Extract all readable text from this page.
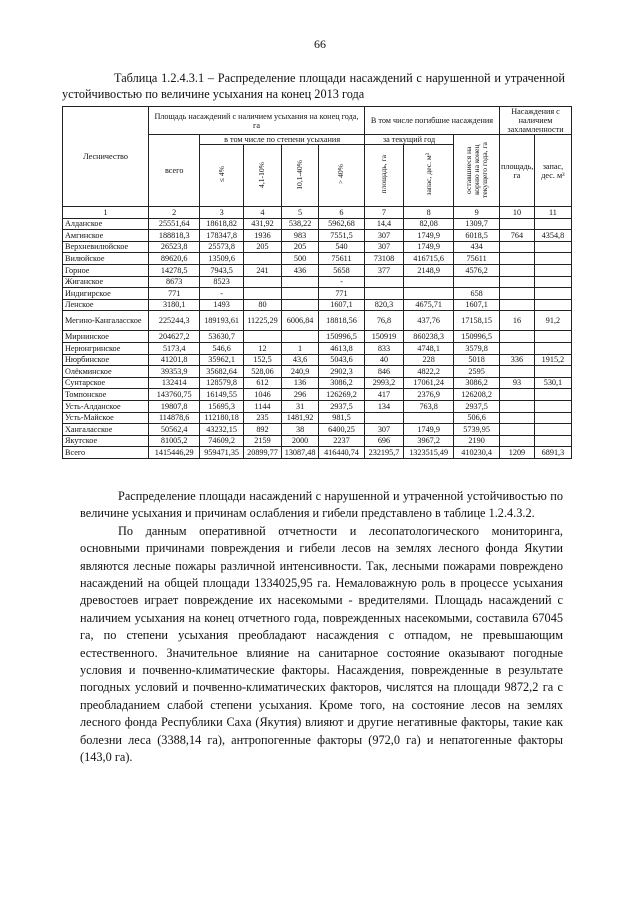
66
Таблица 1.2.4.3.1 – Распределение площади насаждений с нарушенной и утраченной устойчивостью по величине усыхания на конец 2013 года
Лесничество	Площадь насаждений с наличием усыхания на конец года, га					В том числе погибшие насаждения			Насаждения с наличием захламленности	
	всего	в том числе по степени усыхания				за текущий год		оставшиеся на корню на конец текущего года, га	площадь, га	запас, дес. м³
		≤ 4%	4,1-10%	10,1-40%	> 40%	площадь, га	запас, дес. м³			
1	2	3	4	5	6	7	8	9	10	11
Алданское	25551,64	18618,82	431,92	538,22	5962,68	14,4	82,08	1309,7		
Амгинское	188818,3	178347,8	1936	983	7551,5	307	1749,9	6018,5	764	4354,8
Верхневилюйское	26523,8	25573,8	205	205	540	307	1749,9	434		
Вилюйское	89620,6	13509,6		500	75611	73108	416715,6	75611		
Горное	14278,5	7943,5	241	436	5658	377	2148,9	4576,2		
Жиганское	8673	8523			-					
Индигирское	771	-			771			658		
Ленское	3180,1	1493	80		1607,1	820,3	4675,71	1607,1		
Мегино-Кангаласское	225244,3	189193,61	11225,29	6006,84	18818,56	76,8	437,76	17158,15	16	91,2
Мирнинское	204627,2	53630,7			150996,5	150919	860238,3	150996,5		
Нерюнгринское	5173,4	546,6	12	1	4613,8	833	4748,1	3579,8		
Нюрбинское	41201,8	35962,1	152,5	43,6	5043,6	40	228	5018	336	1915,2
Олёкминское	39353,9	35682,64	528,06	240,9	2902,3	846	4822,2	2595		
Сунтарское	132414	128579,8	612	136	3086,2	2993,2	17061,24	3086,2	93	530,1
Томпонское	143760,75	16149,55	1046	296	126269,2	417	2376,9	126208,2		
Усть-Алданское	19807,8	15695,3	1144	31	2937,5	134	763,8	2937,5		
Усть-Майское	114878,6	112180,18	235	1481,92	981,5			506,6		
Хангаласское	50562,4	43232,15	892	38	6400,25	307	1749,9	5739,95		
Якутское	81005,2	74609,2	2159	2000	2237	696	3967,2	2190		
Всего	1415446,29	959471,35	20899,77	13087,48	416440,74	232195,7	1323515,49	410230,4	1209	6891,3

Распределение площади насаждений с нарушенной и утраченной устойчивостью по величине усыхания и причинам ослабления и гибели представлено в таблице 1.2.4.3.2.

По данным оперативной отчетности и лесопатологического мониторинга, основными причинами повреждения и гибели лесов на землях лесного фонда Якутии являются лесные пожары различной интенсивности. Так, лесными пожарами повреждено насаждений на общей площади 1334025,95 га. Немаловажную роль в процессе усыхания древостоев играет повреждение их насекомыми - вредителями. Площадь насаждений с наличием усыхания на конец отчетного года, поврежденных насекомыми, составила 67045 га, по степени усыхания преобладают насаждения с отпадом, не превышающим естественного. Значительное влияние на санитарное состояние оказывают погодные условия и почвенно-климатические факторы. Насаждения, поврежденные в результате погодных условий и почвенно-климатических факторов, числятся на площади 9872,2 га с преобладанием слабой степени усыхания. Кроме того, на состояние лесов на землях лесного фонда Республики Саха (Якутия) влияют и другие негативные факторы, такие как болезни леса (3388,14 га), антропогенные факторы (972,0 га) и непатогенные факторы (143,0 га).
